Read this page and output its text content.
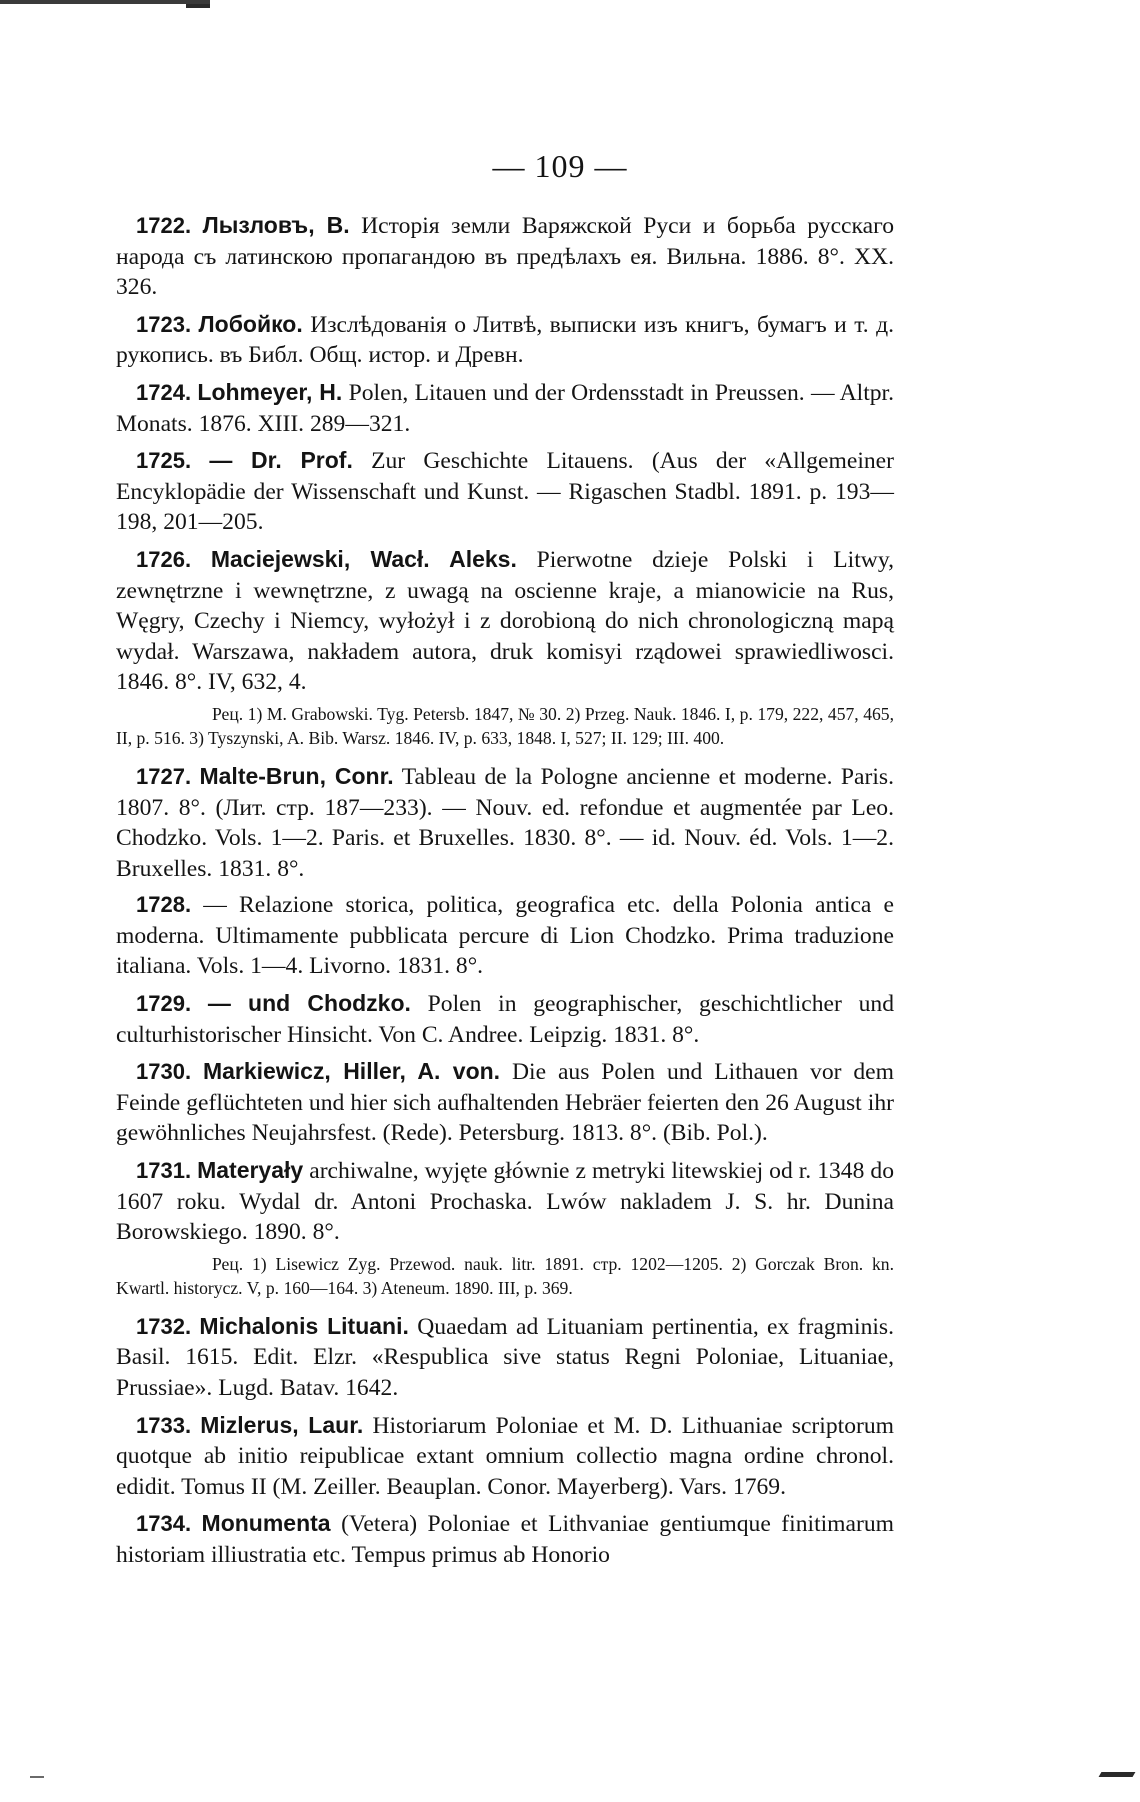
— 109 —

1722. Лызловъ, В. Исторія земли Варяжской Руси и борьба русскаго народа съ латинскою пропагандою въ предѣлахъ ея. Вильна. 1886. 8°. XX. 326.

1723. Лобойко. Изслѣдованія о Литвѣ, выписки изъ книгъ, бумагъ и т. д. рукопись. въ Библ. Общ. истор. и Древн.

1724. Lohmeyer, H. Polen, Litauen und der Ordensstadt in Preussen. — Altpr. Monats. 1876. XIII. 289—321.

1725. — Dr. Prof. Zur Geschichte Litauens. (Aus der «Allgemeiner Encyklopädie der Wissenschaft und Kunst. — Rigaschen Stadbl. 1891. p. 193—198, 201—205.

1726. Maciejewski, Wacł. Aleks. Pierwotne dzieje Polski i Litwy, zewnętrzne i wewnętrzne, z uwagą na oscienne kraje, a mianowicie na Rus, Węgry, Czechy i Niemcy, wyłożył i z dorobioną do nich chronologiczną mapą wydał. Warszawa, nakładem autora, druk komisyi rządowei sprawiedliwosci. 1846. 8°. IV, 632, 4.

Рец. 1) M. Grabowski. Tyg. Petersb. 1847, № 30. 2) Przeg. Nauk. 1846. I, p. 179, 222, 457, 465, II, p. 516. 3) Tyszynski, A. Bib. Warsz. 1846. IV, p. 633, 1848. I, 527; II. 129; III. 400.

1727. Malte-Brun, Conr. Tableau de la Pologne ancienne et moderne. Paris. 1807. 8°. (Лит. стр. 187—233). — Nouv. ed. refondue et augmentée par Leo. Chodzko. Vols. 1—2. Paris. et Bruxelles. 1830. 8°. — id. Nouv. éd. Vols. 1—2. Bruxelles. 1831. 8°.

1728. — Relazione storica, politica, geografica etc. della Polonia antica e moderna. Ultimamente pubblicata percure di Lion Chodzko. Prima traduzione italiana. Vols. 1—4. Livorno. 1831. 8°.

1729. — und Chodzko. Polen in geographischer, geschichtlicher und culturhistorischer Hinsicht. Von C. Andree. Leipzig. 1831. 8°.

1730. Markiewicz, Hiller, A. von. Die aus Polen und Lithauen vor dem Feinde geflüchteten und hier sich aufhaltenden Hebräer feierten den 26 August ihr gewöhnliches Neujahrsfest. (Rede). Petersburg. 1813. 8°. (Bib. Pol.).

1731. Materyały archiwalne, wyjęte głównie z metryki litewskiej od r. 1348 do 1607 roku. Wydal dr. Antoni Prochaska. Lwów nakladem J. S. hr. Dunina Borowskiego. 1890. 8°.

Рец. 1) Lisewicz Zyg. Przewod. nauk. litr. 1891. стр. 1202—1205. 2) Gorczak Bron. kn. Kwartl. historycz. V, p. 160—164. 3) Ateneum. 1890. III, p. 369.

1732. Michalonis Lituani. Quaedam ad Lituaniam pertinentia, ex fragminis. Basil. 1615. Edit. Elzr. «Respublica sive status Regni Poloniae, Lituaniae, Prussiae». Lugd. Batav. 1642.

1733. Mizlerus, Laur. Historiarum Poloniae et M. D. Lithuaniae scriptorum quotque ab initio reipublicae extant omnium collectio magna ordine chronol. edidit. Tomus II (M. Zeiller. Beauplan. Conor. Mayerberg). Vars. 1769.

1734. Monumenta (Vetera) Poloniae et Lithvaniae gentiumque finitimarum historiam illiustratia etc. Tempus primus ab Honorio
